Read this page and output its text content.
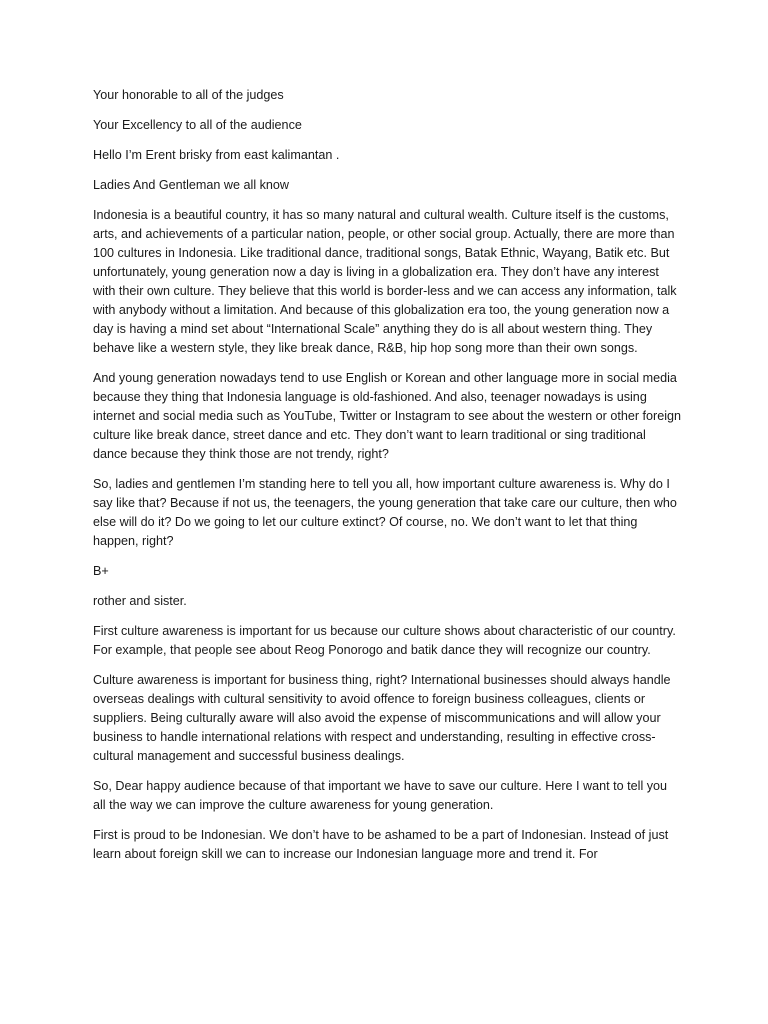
Your honorable to all of the judges

Your Excellency to all of the audience

Hello I’m Erent brisky from east kalimantan .

Ladies And Gentleman we all know

Indonesia is a beautiful country, it has so many natural and cultural wealth. Culture itself is the customs, arts, and achievements of a particular nation, people, or other social group. Actually, there are more than 100 cultures in Indonesia. Like traditional dance, traditional songs, Batak Ethnic, Wayang, Batik etc. But unfortunately, young generation now a day is living in a globalization era. They don’t have any interest with their own culture. They believe that this world is border-less and we can access any information, talk with anybody without a limitation. And because of this globalization era too, the young generation now a day is having a mind set about “International Scale” anything they do is all about western thing. They behave like a western style, they like break dance, R&B, hip hop song more than their own songs.

And young generation nowadays tend to use English or Korean and other language more in social media because they thing that Indonesia language is old-fashioned. And also, teenager nowadays is using internet and social media such as YouTube, Twitter or Instagram to see about the western or other foreign culture like break dance, street dance and etc. They don’t want to learn traditional or sing traditional dance because they think those are not trendy, right?

So, ladies and gentlemen I’m standing here to tell you all, how important culture awareness is. Why do I say like that? Because if not us, the teenagers, the young generation that take care our culture, then who else will do it? Do we going to let our culture extinct? Of course, no. We don’t want to let that thing happen, right?

B+

rother and sister.

First culture awareness is important for us because our culture shows about characteristic of our country. For example, that people see about Reog Ponorogo and batik dance they will recognize our country.

Culture awareness is important for business thing, right? International businesses should always handle overseas dealings with cultural sensitivity to avoid offence to foreign business colleagues, clients or suppliers. Being culturally aware will also avoid the expense of miscommunications and will allow your business to handle international relations with respect and understanding, resulting in effective cross-cultural management and successful business dealings.

So, Dear happy audience because of that important we have to save our culture. Here I want to tell you all the way we can improve the culture awareness for young generation.

First is proud to be Indonesian. We don’t have to be ashamed to be a part of Indonesian. Instead of just learn about foreign skill we can to increase our Indonesian language more and trend it. For
